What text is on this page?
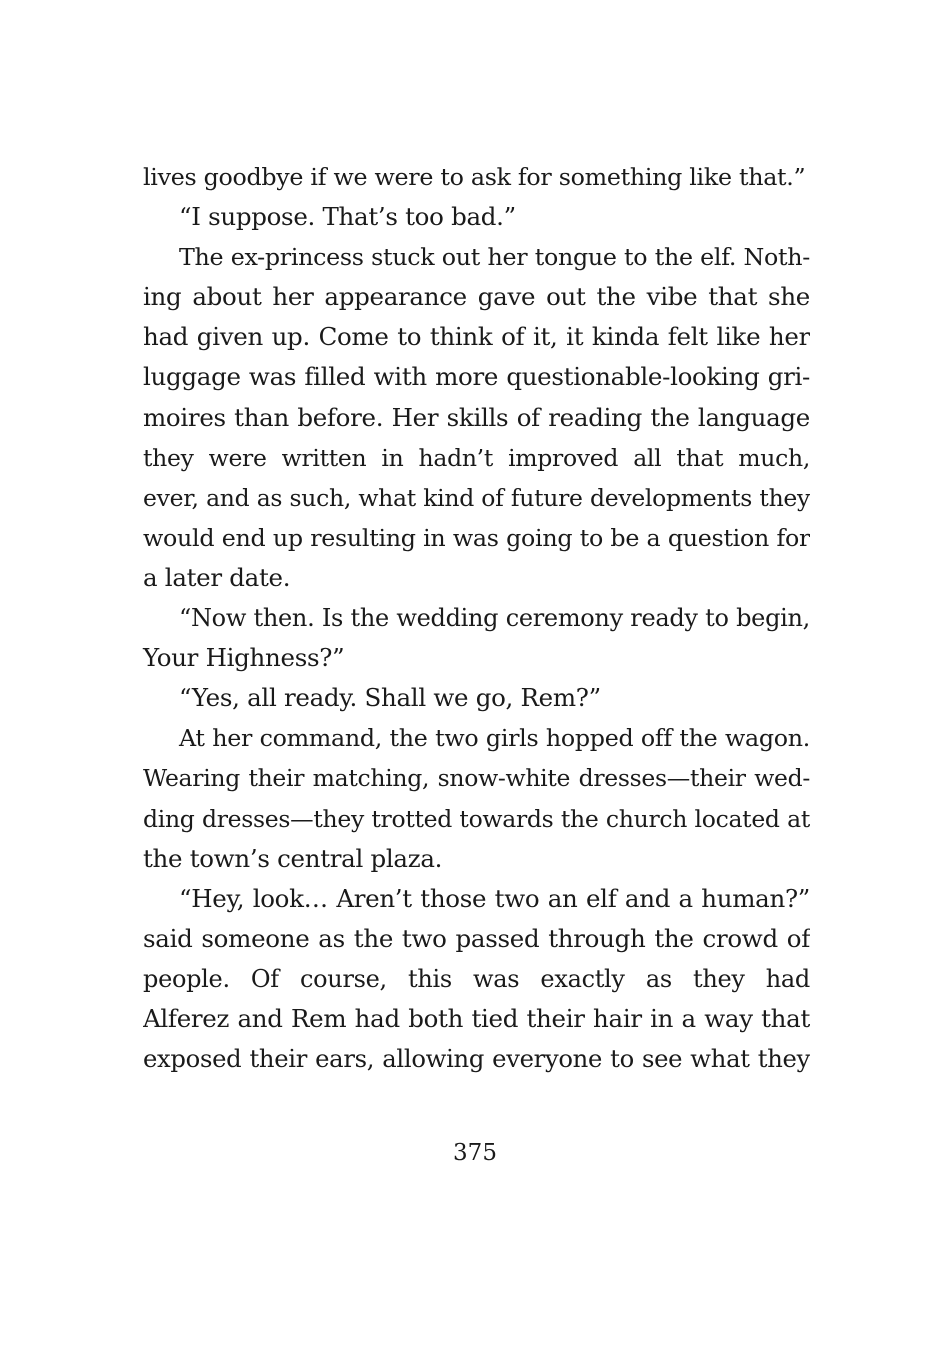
lives goodbye if we were to ask for something like that.”
“I suppose. That’s too bad.”
The ex-princess stuck out her tongue to the elf. Noth-
ing about her appearance gave out the vibe that she
had given up. Come to think of it, it kinda felt like her
luggage was filled with more questionable-looking gri-
moires than before. Her skills of reading the language
they were written in hadn’t improved all that much,
ever, and as such, what kind of future developments they
would end up resulting in was going to be a question for
a later date.
“Now then. Is the wedding ceremony ready to begin,
Your Highness?”
“Yes, all ready. Shall we go, Rem?”
At her command, the two girls hopped off the wagon.
Wearing their matching, snow-white dresses—their wed-
ding dresses—they trotted towards the church located at
the town’s central plaza.
“Hey, look… Aren’t those two an elf and a human?”
said someone as the two passed through the crowd of
people. Of course, this was exactly as they had
Alferez and Rem had both tied their hair in a way that
exposed their ears, allowing everyone to see what they
375
